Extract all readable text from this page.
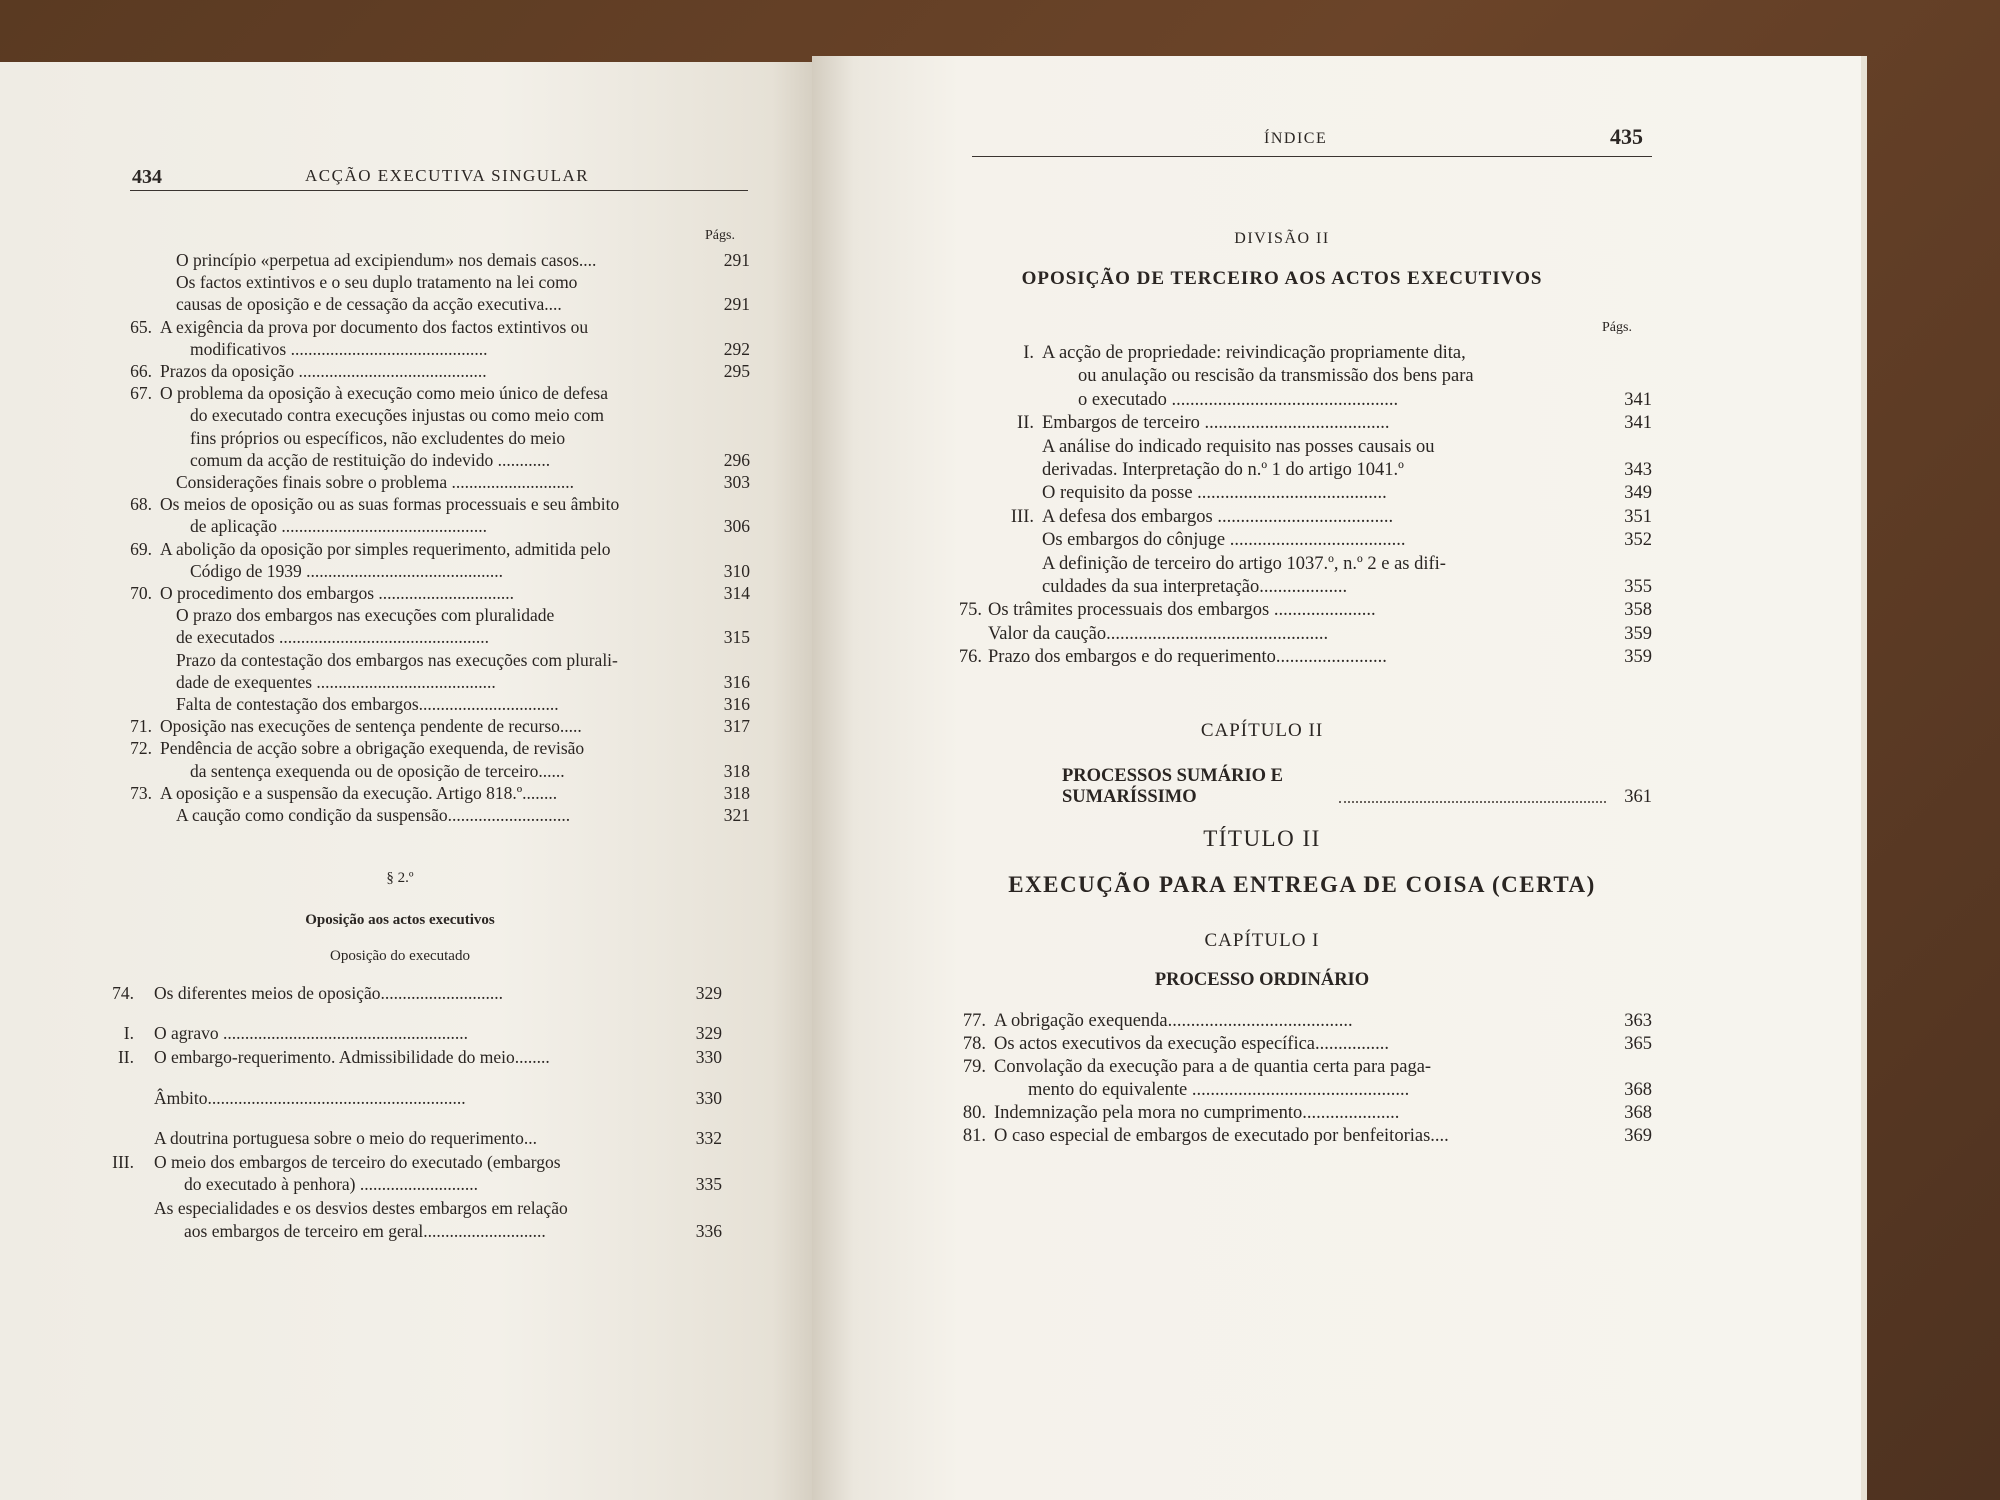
434	ACÇÃO EXECUTIVA SINGULAR
Págs.
O princípio «perpetua ad excipiendum» nos demais casos....	291
Os factos extintivos e o seu duplo tratamento na lei como
causas de oposição e de cessação da acção executiva....	291
65. A exigência da prova por documento dos factos extintivos ou
modificativos .............................................	292
66. Prazos da oposição ...........................................	295
67. O problema da oposição à execução como meio único de defesa
do executado contra execuções injustas ou como meio com
fins próprios ou específicos, não excludentes do meio
comum da acção de restituição do indevido ............	296
Considerações finais sobre o problema ............................	303
68. Os meios de oposição ou as suas formas processuais e seu âmbito
de aplicação ...............................................	306
69. A abolição da oposição por simples requerimento, admitida pelo
Código de 1939 .............................................	310
70. O procedimento dos embargos ...............................	314
O prazo dos embargos nas execuções com pluralidade
de executados ................................................	315
Prazo da contestação dos embargos nas execuções com plurali-
dade de exequentes .........................................	316
Falta de contestação dos embargos................................	316
71. Oposição nas execuções de sentença pendente de recurso.....	317
72. Pendência de acção sobre a obrigação exequenda, de revisão
da sentença exequenda ou de oposição de terceiro......	318
73. A oposição e a suspensão da execução. Artigo 818.º........	318
A caução como condição da suspensão............................	321
§ 2.º
Oposição aos actos executivos
Oposição do executado
74. Os diferentes meios de oposição............................	329
I. O agravo ........................................................	329
II. O embargo-requerimento. Admissibilidade do meio........	330
Âmbito...........................................................	330
A doutrina portuguesa sobre o meio do requerimento...	332
III. O meio dos embargos de terceiro do executado (embargos
do executado à penhora) ...........................	335
As especialidades e os desvios destes embargos em relação
aos embargos de terceiro em geral............................	336
ÍNDICE	435
DIVISÃO II
OPOSIÇÃO DE TERCEIRO AOS ACTOS EXECUTIVOS
Págs.
I. A acção de propriedade: reivindicação propriamente dita,
ou anulação ou rescisão da transmissão dos bens para
o executado .................................................	341
II. Embargos de terceiro ........................................	341
A análise do indicado requisito nas posses causais ou
derivadas. Interpretação do n.º 1 do artigo 1041.º	343
O requisito da posse .........................................	349
III. A defesa dos embargos ......................................	351
Os embargos do cônjuge ......................................	352
A definição de terceiro do artigo 1037.º, n.º 2 e as difi-
culdades da sua interpretação...................	355
75. Os trâmites processuais dos embargos ......................	358
Valor da caução................................................	359
76. Prazo dos embargos e do requerimento........................	359
CAPÍTULO II
PROCESSOS SUMÁRIO E SUMARÍSSIMO	361
TÍTULO II
EXECUÇÃO PARA ENTREGA DE COISA (CERTA)
CAPÍTULO I
PROCESSO ORDINÁRIO
77. A obrigação exequenda........................................	363
78. Os actos executivos da execução específica................	365
79. Convolação da execução para a de quantia certa para paga-
mento do equivalente ...............................................	368
80. Indemnização pela mora no cumprimento.....................	368
81. O caso especial de embargos de executado por benfeitorias....	369
